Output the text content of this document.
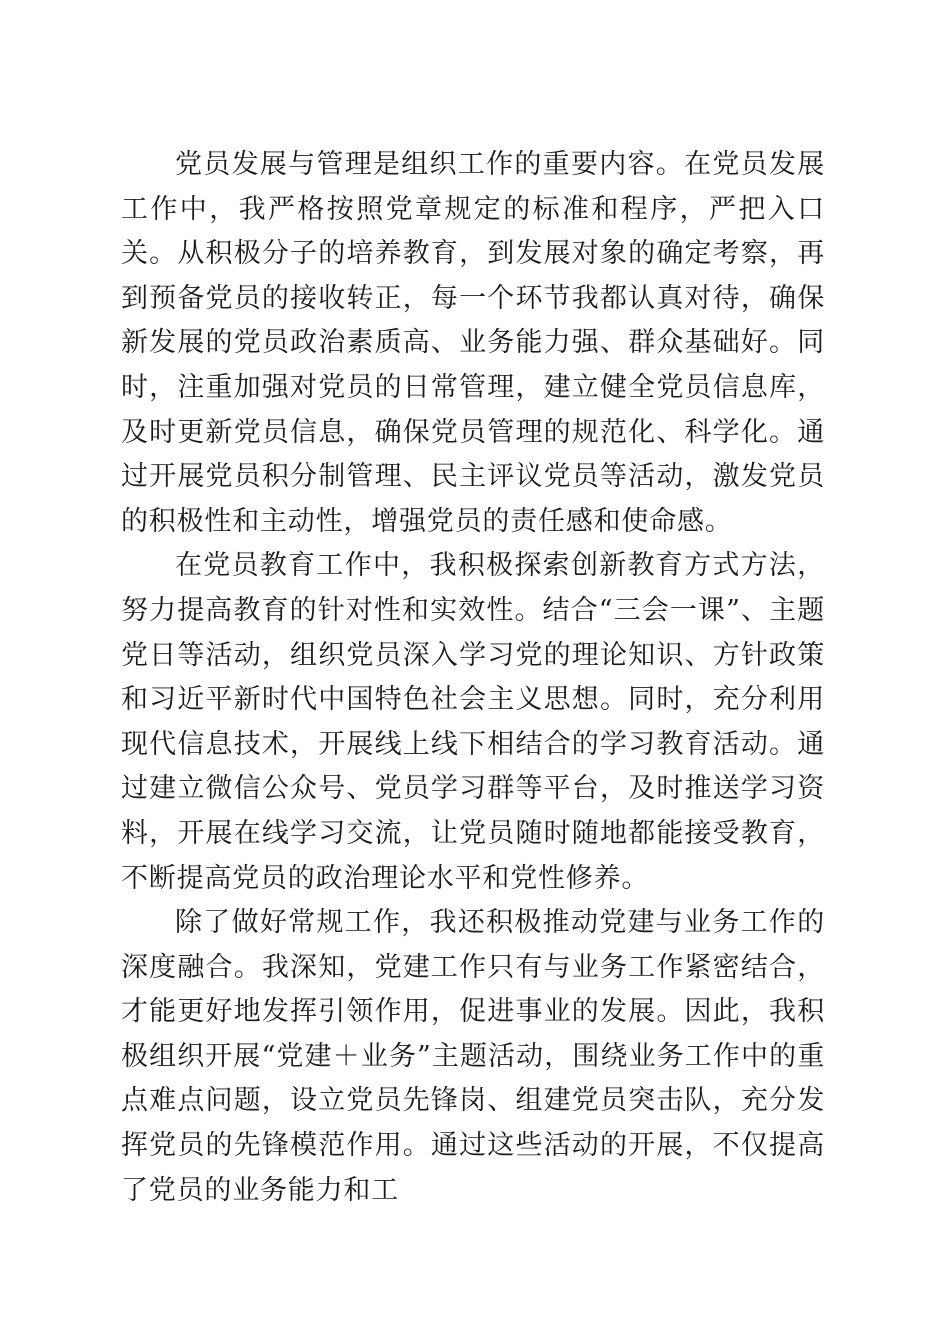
党员发展与管理是组织工作的重要内容。在党员发展工作中，我严格按照党章规定的标准和程序，严把入口关。从积极分子的培养教育，到发展对象的确定考察，再到预备党员的接收转正，每一个环节我都认真对待，确保新发展的党员政治素质高、业务能力强、群众基础好。同时，注重加强对党员的日常管理，建立健全党员信息库，及时更新党员信息，确保党员管理的规范化、科学化。通过开展党员积分制管理、民主评议党员等活动，激发党员的积极性和主动性，增强党员的责任感和使命感。

在党员教育工作中，我积极探索创新教育方式方法，努力提高教育的针对性和实效性。结合“三会一课”、主题党日等活动，组织党员深入学习党的理论知识、方针政策和习近平新时代中国特色社会主义思想。同时，充分利用现代信息技术，开展线上线下相结合的学习教育活动。通过建立微信公众号、党员学习群等平台，及时推送学习资料，开展在线学习交流，让党员随时随地都能接受教育，不断提高党员的政治理论水平和党性修养。

除了做好常规工作，我还积极推动党建与业务工作的深度融合。我深知，党建工作只有与业务工作紧密结合，才能更好地发挥引领作用，促进事业的发展。因此，我积极组织开展“党建＋业务”主题活动，围绕业务工作中的重点难点问题，设立党员先锋岗、组建党员突击队，充分发挥党员的先锋模范作用。通过这些活动的开展，不仅提高了党员的业务能力和工
